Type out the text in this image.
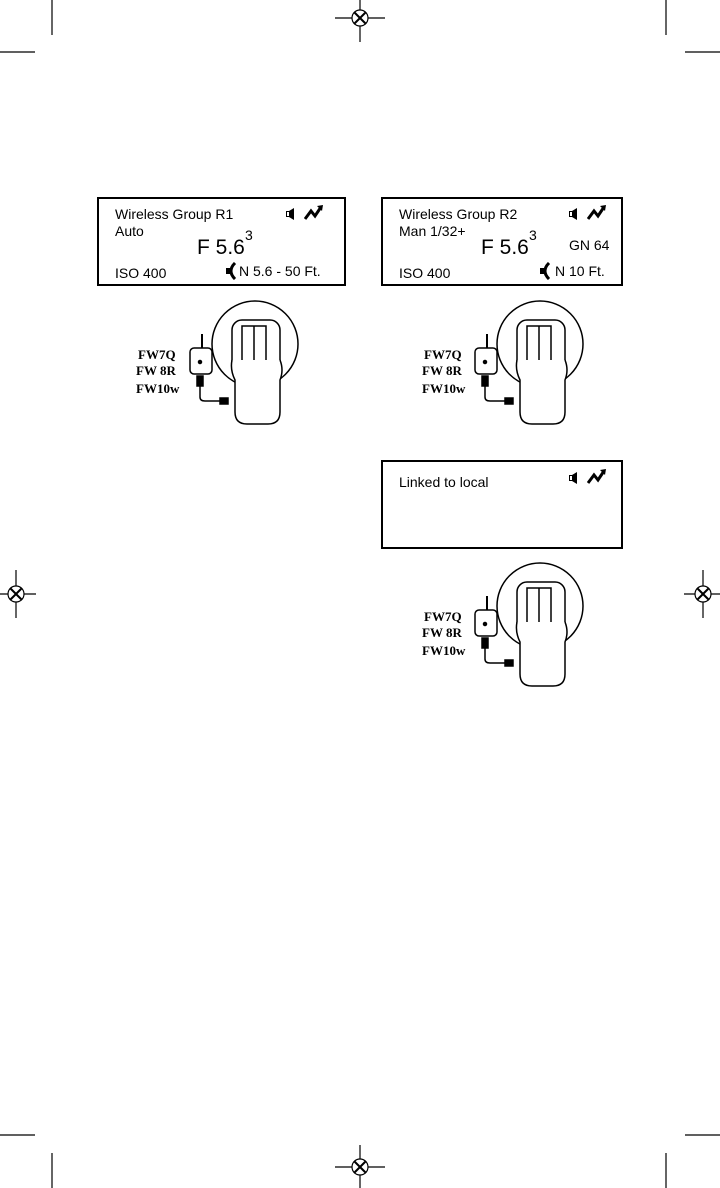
Wireless Group R1
Auto
F 5.6
3
ISO 400	N 5.6 - 50 Ft.
Wireless Group R2
Man 1/32+
F 5.6
3
GN 64
ISO 400	N 10 Ft.
Linked to local
FW7Q
FW 8R
FW10w
FW7Q
FW 8R
FW10w
FW7Q
FW 8R
FW10w
